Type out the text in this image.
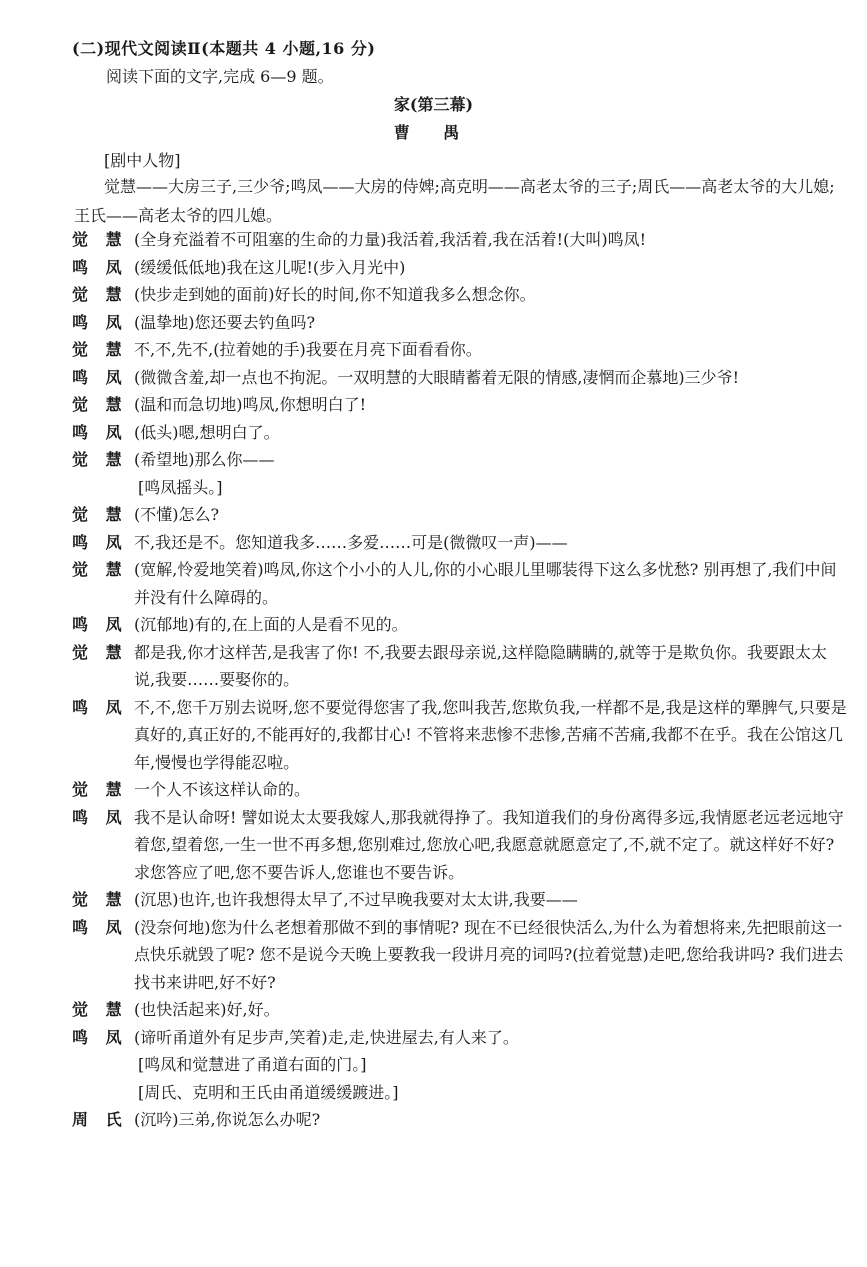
(二)现代文阅读Ⅱ(本题共 4 小题,16 分)
阅读下面的文字,完成 6—9 题。
家(第三幕)
曹 禺
[剧中人物]
觉慧——大房三子,三少爷;鸣凤——大房的侍婢;高克明——高老太爷的三子;周氏——高老太爷的大儿媳;王氏——高老太爷的四儿媳。
觉 慧 (全身充溢着不可阻塞的生命的力量)我活着,我活着,我在活着!(大叫)鸣凤!
鸣 凤 (缓缓低低地)我在这儿呢!(步入月光中)
觉 慧 (快步走到她的面前)好长的时间,你不知道我多么想念你。
鸣 凤 (温挚地)您还要去钓鱼吗?
觉 慧 不,不,先不,(拉着她的手)我要在月亮下面看看你。
鸣 凤 (微微含羞,却一点也不拘泥。一双明慧的大眼睛蓄着无限的情感,凄惘而企慕地)三少爷!
觉 慧 (温和而急切地)鸣凤,你想明白了!
鸣 凤 (低头)嗯,想明白了。
觉 慧 (希望地)那么你——
[鸣凤摇头。]
觉 慧 (不懂)怎么?
鸣 凤 不,我还是不。您知道我多……多爱……可是(微微叹一声)——
觉 慧 (宽解,怜爱地笑着)鸣凤,你这个小小的人儿,你的小心眼儿里哪装得下这么多忧愁? 别再想了,我们中间并没有什么障碍的。
鸣 凤 (沉郁地)有的,在上面的人是看不见的。
觉 慧 都是我,你才这样苦,是我害了你! 不,我要去跟母亲说,这样隐隐瞒瞒的,就等于是欺负你。我要跟太太说,我要……要娶你的。
鸣 凤 不,不,您千万别去说呀,您不要觉得您害了我,您叫我苦,您欺负我,一样都不是,我是这样的犟脾气,只要是真好的,真正好的,不能再好的,我都甘心! 不管将来悲惨不悲惨,苦痛不苦痛,我都不在乎。我在公馆这几年,慢慢也学得能忍啦。
觉 慧 一个人不该这样认命的。
鸣 凤 我不是认命呀! 譬如说太太要我嫁人,那我就得挣了。我知道我们的身份离得多远,我情愿老远老远地守着您,望着您,一生一世不再多想,您别难过,您放心吧,我愿意就愿意定了,不,就不定了。就这样好不好? 求您答应了吧,您不要告诉人,您谁也不要告诉。
觉 慧 (沉思)也许,也许我想得太早了,不过早晚我要对太太讲,我要——
鸣 凤 (没奈何地)您为什么老想着那做不到的事情呢? 现在不已经很快活么,为什么为着想将来,先把眼前这一点快乐就毁了呢? 您不是说今天晚上要教我一段讲月亮的词吗?(拉着觉慧)走吧,您给我讲吗? 我们进去找书来讲吧,好不好?
觉 慧 (也快活起来)好,好。
鸣 凤 (谛听甬道外有足步声,笑着)走,走,快进屋去,有人来了。
[鸣凤和觉慧进了甬道右面的门。]
[周氏、克明和王氏由甬道缓缓踱进。]
周 氏 (沉吟)三弟,你说怎么办呢?
